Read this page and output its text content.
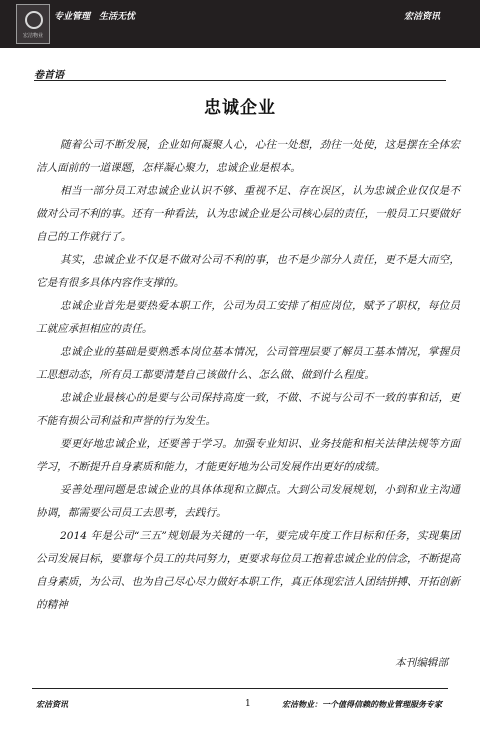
宏洁物业
专业管理　生活无忧	宏洁资讯
卷首语
忠诚企业

随着公司不断发展，企业如何凝聚人心，心往一处想，劲往一处使，这是摆在全体宏洁人面前的一道课题，怎样凝心聚力，忠诚企业是根本。

相当一部分员工对忠诚企业认识不够、重视不足、存在误区，认为忠诚企业仅仅是不做对公司不利的事。还有一种看法，认为忠诚企业是公司核心层的责任，一般员工只要做好自己的工作就行了。

其实，忠诚企业不仅是不做对公司不利的事，也不是少部分人责任，更不是大而空，它是有很多具体内容作支撑的。

忠诚企业首先是要热爱本职工作，公司为员工安排了相应岗位，赋予了职权，每位员工就应承担相应的责任。

忠诚企业的基础是要熟悉本岗位基本情况，公司管理层要了解员工基本情况，掌握员工思想动态，所有员工都要清楚自己该做什么、怎么做、做到什么程度。

忠诚企业最核心的是要与公司保持高度一致，不做、不说与公司不一致的事和话，更不能有损公司利益和声誉的行为发生。

要更好地忠诚企业，还要善于学习。加强专业知识、业务技能和相关法律法规等方面学习，不断提升自身素质和能力，才能更好地为公司发展作出更好的成绩。

妥善处理问题是忠诚企业的具体体现和立脚点。大到公司发展规划，小到和业主沟通协调，都需要公司员工去思考，去践行。

2014 年是公司“三五”规划最为关键的一年，要完成年度工作目标和任务，实现集团公司发展目标，要靠每个员工的共同努力，更要求每位员工抱着忠诚企业的信念，不断提高自身素质，为公司、也为自己尽心尽力做好本职工作，真正体现宏洁人团结拼搏、开拓创新的精神

本刊编辑部
宏洁资讯	1	宏洁物业：一个值得信赖的物业管理服务专家
